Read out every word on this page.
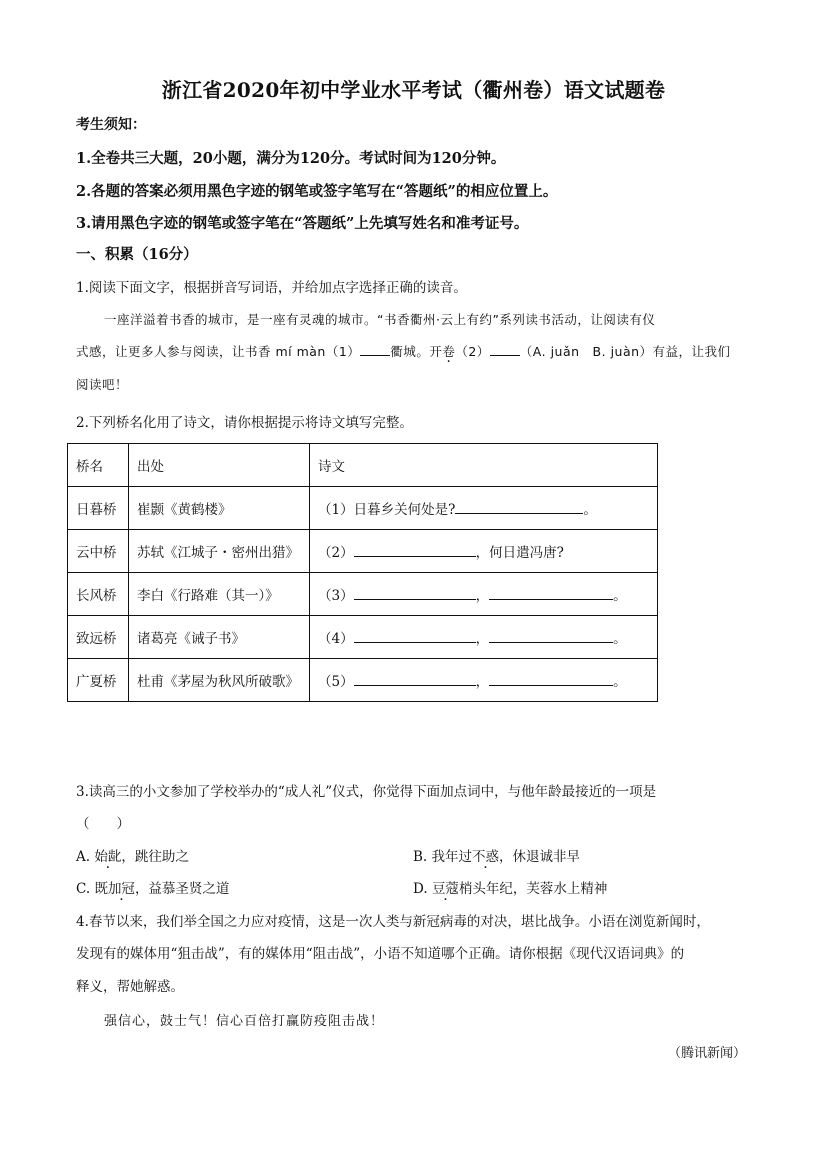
浙江省2020年初中学业水平考试（衢州卷）语文试题卷
考生须知：
1.全卷共三大题，20小题，满分为120分。考试时间为120分钟。
2.各题的答案必须用黑色字迹的钢笔或签字笔写在“答题纸”的相应位置上。
3.请用黑色字迹的钢笔或签字笔在“答题纸”上先填写姓名和准考证号。
一、积累（16分）
1.阅读下面文字，根据拼音写词语，并给加点字选择正确的读音。
一座洋溢着书香的城市，是一座有灵魂的城市。“书香衢州·云上有约”系列读书活动，让阅读有仪
式感，让更多人参与阅读，让书香 mí màn（1） 衢城。开卷（2） （A. juǎn　B. juàn）有益，让我们
阅读吧！
2.下列桥名化用了诗文，请你根据提示将诗文填写完整。
桥名	出处	诗文
日暮桥	崔颢《黄鹤楼》	（1）日暮乡关何处是? 。
云中桥	苏轼《江城子・密州出猎》	（2） ，何日遣冯唐?
长风桥	李白《行路难（其一）》	（3） ， 。
致远桥	诸葛亮《诫子书》	（4） ， 。
广夏桥	杜甫《茅屋为秋风所破歌》	（5） ， 。
3.读高三的小文参加了学校举办的“成人礼”仪式，你觉得下面加点词中，与他年龄最接近的一项是
（　　）
A. 始龀，跳往助之	B. 我年过不惑，休退诚非早
C. 既加冠，益慕圣贤之道	D. 豆蔻梢头年纪，芙蓉水上精神
4.春节以来，我们举全国之力应对疫情，这是一次人类与新冠病毒的对决，堪比战争。小语在浏览新闻时，
发现有的媒体用“狙击战”，有的媒体用“阻击战”，小语不知道哪个正确。请你根据《现代汉语词典》的
释义，帮她解惑。
强信心，鼓士气！信心百倍打赢防疫阻击战！
（腾讯新闻）
